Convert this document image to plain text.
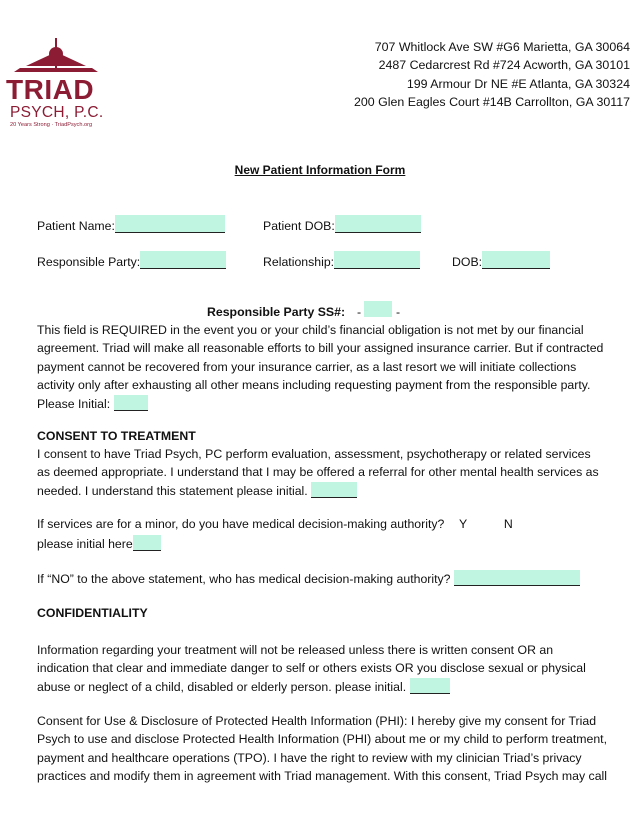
TRIAD
PSYCH, P.C.
20 Years Strong · TriadPsych.org
707 Whitlock Ave SW #G6 Marietta, GA 30064
2487 Cedarcrest Rd #724 Acworth, GA 30101
199 Armour Dr NE #E Atlanta, GA 30324
200 Glen Eagles Court #14B Carrollton, GA 30117
New Patient Information Form
Patient Name:	Patient DOB:
Responsible Party:	Relationship:	DOB:
Responsible Party SS#: -	-
This field is REQUIRED in the event you or your child’s financial obligation is not met by our financial agreement. Triad will make all reasonable efforts to bill your assigned insurance carrier. But if contracted payment cannot be recovered from your insurance carrier, as a last resort we will initiate collections activity only after exhausting all other means including requesting payment from the responsible party.
Please Initial:
CONSENT TO TREATMENT
I consent to have Triad Psych, PC perform evaluation, assessment, psychotherapy or related services as deemed appropriate. I understand that I may be offered a referral for other mental health services as needed. I understand this statement please initial.
If services are for a minor, do you have medical decision-making authority? Y	N
please initial here
If “NO” to the above statement, who has medical decision-making authority?
CONFIDENTIALITY
Information regarding your treatment will not be released unless there is written consent OR an indication that clear and immediate danger to self or others exists OR you disclose sexual or physical abuse or neglect of a child, disabled or elderly person. please initial.
Consent for Use & Disclosure of Protected Health Information (PHI): I hereby give my consent for Triad Psych to use and disclose Protected Health Information (PHI) about me or my child to perform treatment, payment and healthcare operations (TPO). I have the right to review with my clinician Triad’s privacy practices and modify them in agreement with Triad management. With this consent, Triad Psych may call
